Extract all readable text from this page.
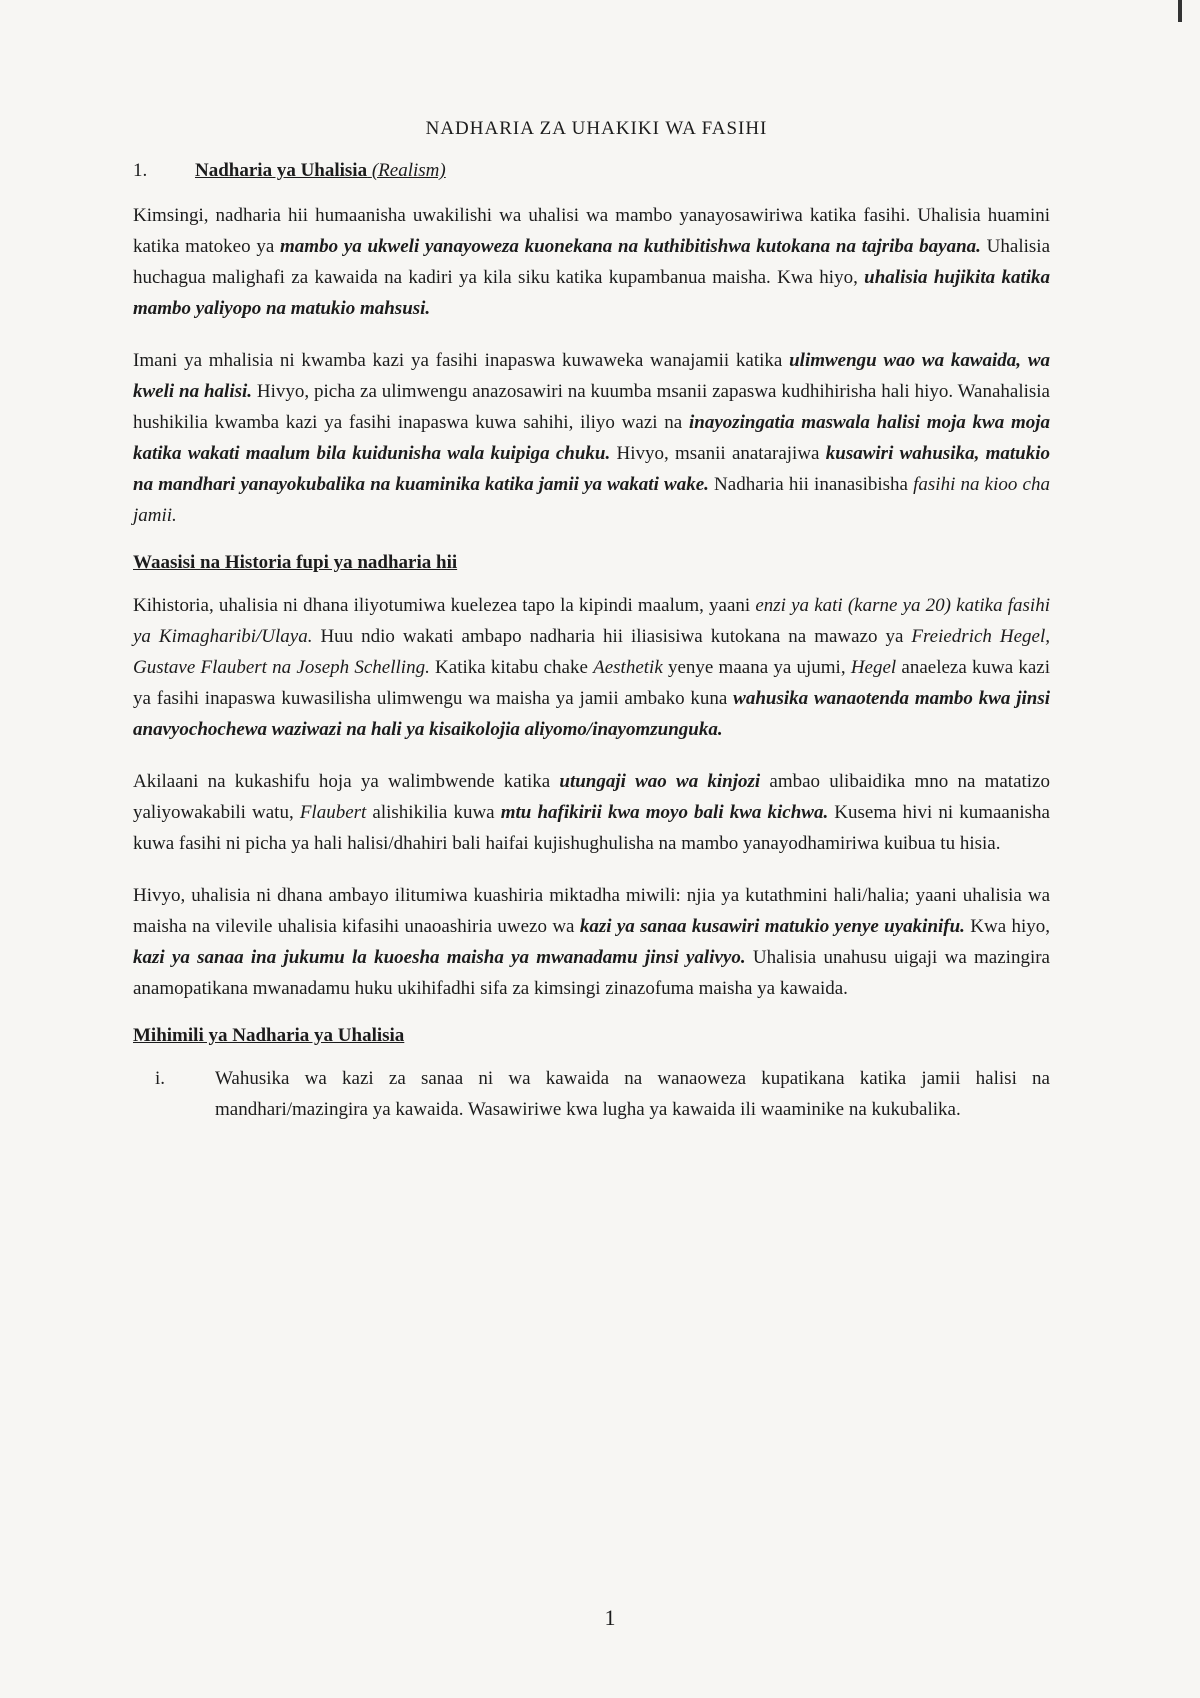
NADHARIA ZA UHAKIKI WA FASIHI
1.	Nadharia ya Uhalisia (Realism)

Kimsingi, nadharia hii humaanisha uwakilishi wa uhalisi wa mambo yanayosawiriwa katika fasihi. Uhalisia huamini katika matokeo ya mambo ya ukweli yanayoweza kuonekana na kuthibitishwa kutokana na tajriba bayana. Uhalisia huchagua malighafi za kawaida na kadiri ya kila siku katika kupambanua maisha. Kwa hiyo, uhalisia hujikita katika mambo yaliyopo na matukio mahsusi.

Imani ya mhalisia ni kwamba kazi ya fasihi inapaswa kuwaweka wanajamii katika ulimwengu wao wa kawaida, wa kweli na halisi. Hivyo, picha za ulimwengu anazosawiri na kuumba msanii zapaswa kudhihirisha hali hiyo. Wanahalisia hushikilia kwamba kazi ya fasihi inapaswa kuwa sahihi, iliyo wazi na inayozingatia maswala halisi moja kwa moja katika wakati maalum bila kuidunisha wala kuipiga chuku. Hivyo, msanii anatarajiwa kusawiri wahusika, matukio na mandhari yanayokubalika na kuaminika katika jamii ya wakati wake. Nadharia hii inanasibisha fasihi na kioo cha jamii.

Waasisi na Historia fupi ya nadharia hii

Kihistoria, uhalisia ni dhana iliyotumiwa kuelezea tapo la kipindi maalum, yaani enzi ya kati (karne ya 20) katika fasihi ya Kimagharibi/Ulaya. Huu ndio wakati ambapo nadharia hii iliasisiwa kutokana na mawazo ya Freiedrich Hegel, Gustave Flaubert na Joseph Schelling. Katika kitabu chake Aesthetik yenye maana ya ujumi, Hegel anaeleza kuwa kazi ya fasihi inapaswa kuwasilisha ulimwengu wa maisha ya jamii ambako kuna wahusika wanaotenda mambo kwa jinsi anavyochochewa waziwazi na hali ya kisaikolojia aliyomo/inayomzunguka.

Akilaani na kukashifu hoja ya walimbwende katika utungaji wao wa kinjozi ambao ulibaidika mno na matatizo yaliyowakabili watu, Flaubert alishikilia kuwa mtu hafikirii kwa moyo bali kwa kichwa. Kusema hivi ni kumaanisha kuwa fasihi ni picha ya hali halisi/dhahiri bali haifai kujishughulisha na mambo yanayodhamiriwa kuibua tu hisia.

Hivyo, uhalisia ni dhana ambayo ilitumiwa kuashiria miktadha miwili: njia ya kutathmini hali/halia; yaani uhalisia wa maisha na vilevile uhalisia kifasihi unaoashiria uwezo wa kazi ya sanaa kusawiri matukio yenye uyakinifu. Kwa hiyo, kazi ya sanaa ina jukumu la kuoesha maisha ya mwanadamu jinsi yalivyo. Uhalisia unahusu uigaji wa mazingira anamopatikana mwanadamu huku ukihifadhi sifa za kimsingi zinazofuma maisha ya kawaida.

Mihimili ya Nadharia ya Uhalisia
i.	Wahusika wa kazi za sanaa ni wa kawaida na wanaoweza kupatikana katika jamii halisi na mandhari/mazingira ya kawaida. Wasawiriwe kwa lugha ya kawaida ili waaminike na kukubalika.
1
